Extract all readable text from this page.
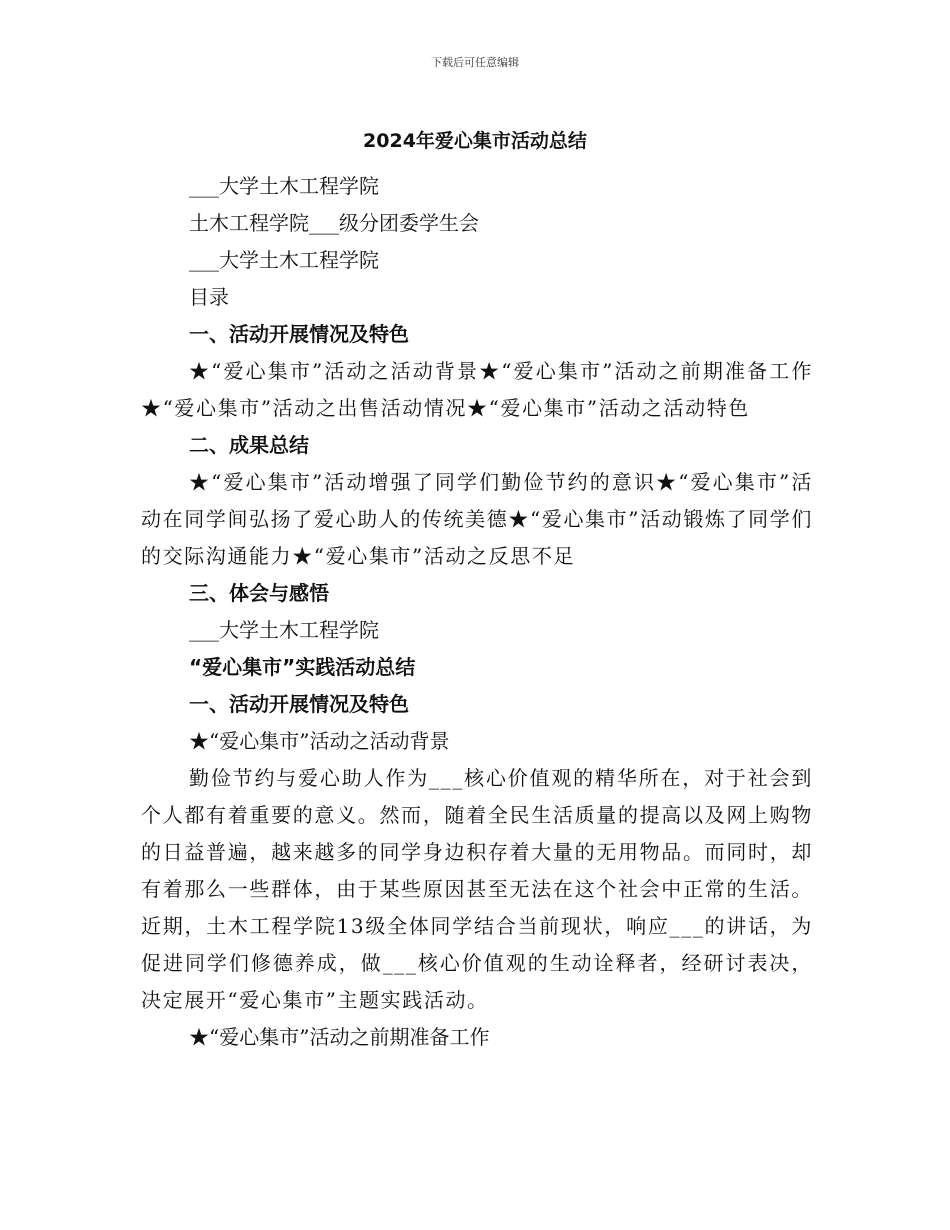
下载后可任意编辑
2024年爱心集市活动总结

___大学土木工程学院

土木工程学院___级分团委学生会

___大学土木工程学院

目录

一、活动开展情况及特色

★“爱心集市”活动之活动背景★“爱心集市”活动之前期准备工作★“爱心集市”活动之出售活动情况★“爱心集市”活动之活动特色

二、成果总结

★“爱心集市”活动增强了同学们勤俭节约的意识★“爱心集市”活动在同学间弘扬了爱心助人的传统美德★“爱心集市”活动锻炼了同学们的交际沟通能力★“爱心集市”活动之反思不足

三、体会与感悟

___大学土木工程学院

“爱心集市”实践活动总结

一、活动开展情况及特色

★“爱心集市”活动之活动背景

勤俭节约与爱心助人作为___核心价值观的精华所在，对于社会到个人都有着重要的意义。然而，随着全民生活质量的提高以及网上购物的日益普遍，越来越多的同学身边积存着大量的无用物品。而同时，却有着那么一些群体，由于某些原因甚至无法在这个社会中正常的生活。近期，土木工程学院13级全体同学结合当前现状，响应___的讲话，为促进同学们修德养成，做___核心价值观的生动诠释者，经研讨表决，决定展开“爱心集市”主题实践活动。

★“爱心集市”活动之前期准备工作
